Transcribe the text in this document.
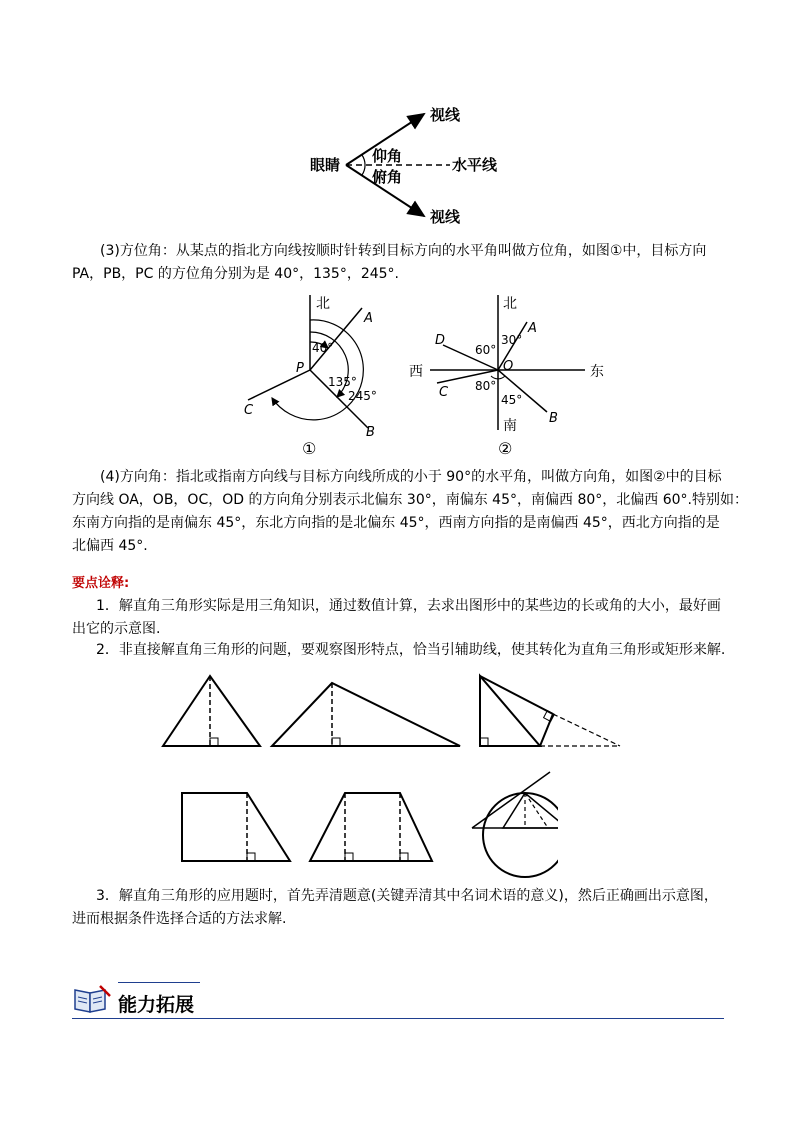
眼睛
视线
视线
仰角
俯角
水平线
(3)方位角：从某点的指北方向线按顺时针转到目标方向的水平角叫做方位角，如图①中，目标方向
PA，PB，PC 的方位角分别为是 40°，135°，245°.
北
A
P
B
C
40°
135°
245°
①
北
南
东
西
A
B
C
D
O
30°
60°
80°
45°
②
(4)方向角：指北或指南方向线与目标方向线所成的小于 90°的水平角，叫做方向角，如图②中的目标
方向线 OA，OB，OC，OD 的方向角分别表示北偏东 30°，南偏东 45°，南偏西 80°，北偏西 60°.特别如：
东南方向指的是南偏东 45°，东北方向指的是北偏东 45°，西南方向指的是南偏西 45°，西北方向指的是
北偏西 45°.
要点诠释:
1．解直角三角形实际是用三角知识，通过数值计算，去求出图形中的某些边的长或角的大小，最好画
出它的示意图.
2．非直接解直角三角形的问题，要观察图形特点，恰当引辅助线，使其转化为直角三角形或矩形来解.
3．解直角三角形的应用题时，首先弄清题意(关键弄清其中名词术语的意义)，然后正确画出示意图，
进而根据条件选择合适的方法求解.
能力拓展
